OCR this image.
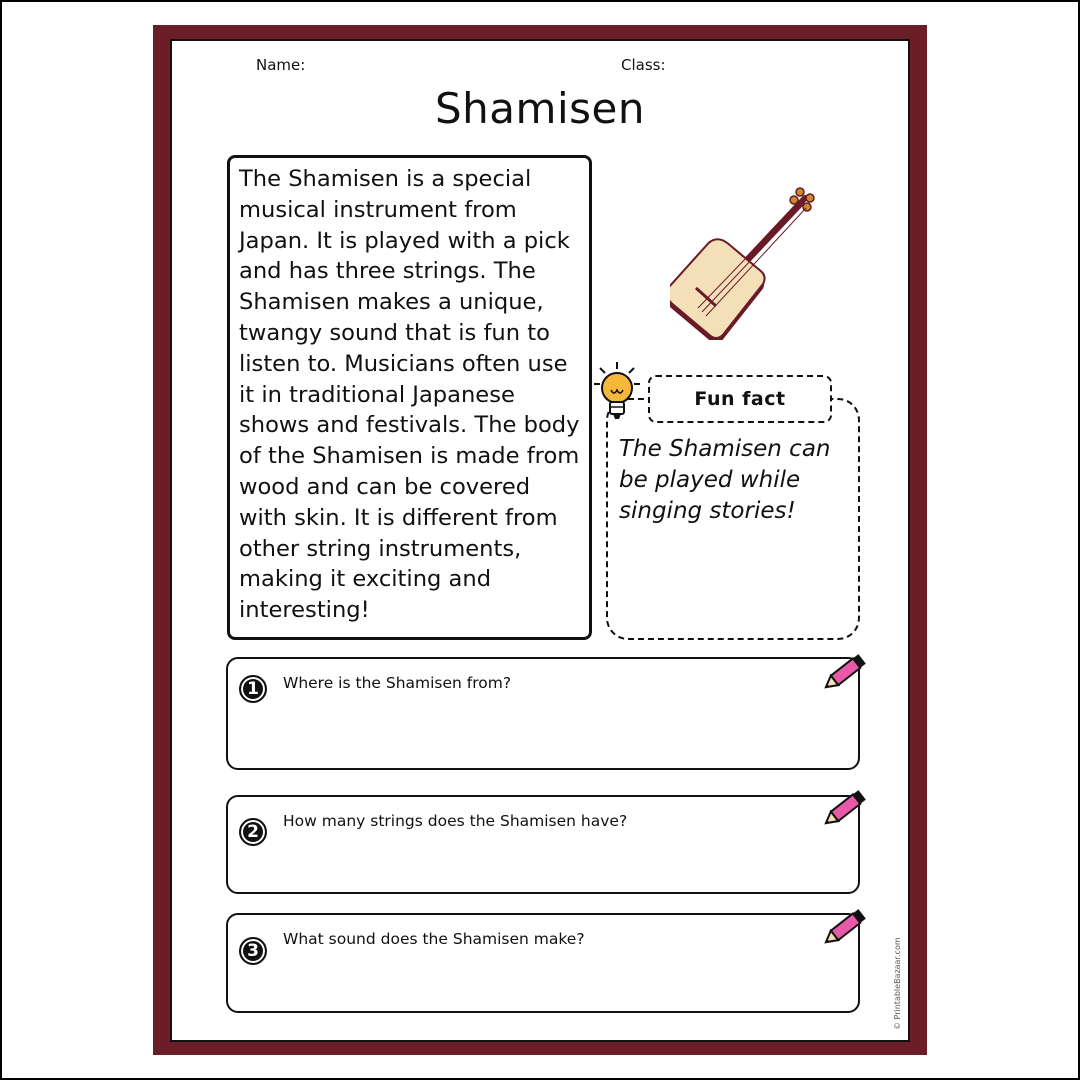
Name:	Class:
Shamisen
The Shamisen is a special musical instrument from Japan. It is played with a pick and has three strings. The Shamisen makes a unique, twangy sound that is fun to listen to. Musicians often use it in traditional Japanese shows and festivals. The body of the Shamisen is made from wood and can be covered with skin. It is different from other string instruments, making it exciting and interesting!
Fun fact
The Shamisen can be played while singing stories!
1	Where is the Shamisen from?
2
How many strings does the Shamisen have?
3
What sound does the Shamisen make?	© PrintableBazaar.com
